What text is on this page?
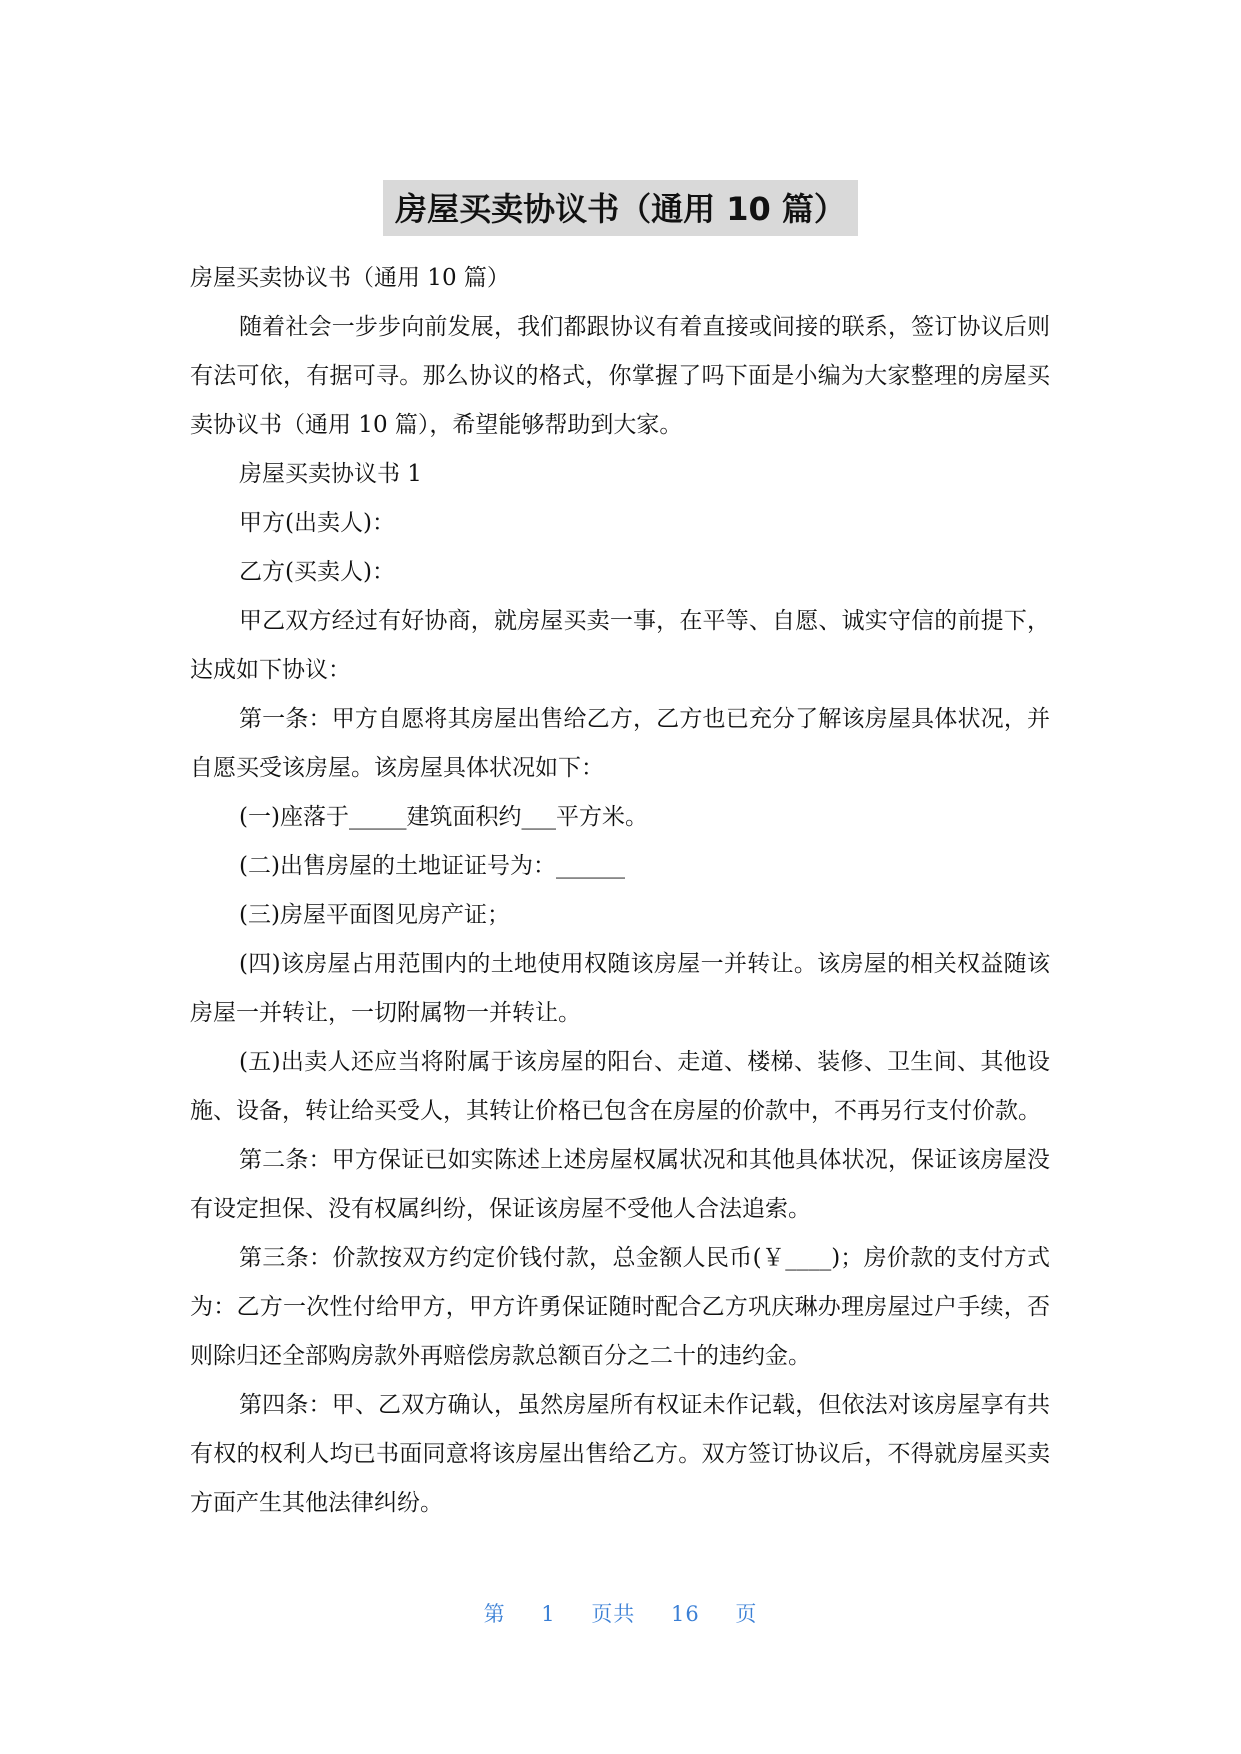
房屋买卖协议书（通用 10 篇）

房屋买卖协议书（通用 10 篇）

随着社会一步步向前发展，我们都跟协议有着直接或间接的联系，签订协议后则有法可依，有据可寻。那么协议的格式，你掌握了吗下面是小编为大家整理的房屋买卖协议书（通用 10 篇），希望能够帮助到大家。

房屋买卖协议书 1

甲方(出卖人)：

乙方(买卖人)：

甲乙双方经过有好协商，就房屋买卖一事，在平等、自愿、诚实守信的前提下，达成如下协议：

第一条：甲方自愿将其房屋出售给乙方，乙方也已充分了解该房屋具体状况，并自愿买受该房屋。该房屋具体状况如下：

(一)座落于_____建筑面积约___平方米。

(二)出售房屋的土地证证号为：______

(三)房屋平面图见房产证；

(四)该房屋占用范围内的土地使用权随该房屋一并转让。该房屋的相关权益随该房屋一并转让，一切附属物一并转让。

(五)出卖人还应当将附属于该房屋的阳台、走道、楼梯、装修、卫生间、其他设施、设备，转让给买受人，其转让价格已包含在房屋的价款中，不再另行支付价款。

第二条：甲方保证已如实陈述上述房屋权属状况和其他具体状况，保证该房屋没有设定担保、没有权属纠纷，保证该房屋不受他人合法追索。

第三条：价款按双方约定价钱付款，总金额人民币(￥____)；房价款的支付方式为：乙方一次性付给甲方，甲方许勇保证随时配合乙方巩庆琳办理房屋过户手续，否则除归还全部购房款外再赔偿房款总额百分之二十的违约金。

第四条：甲、乙双方确认，虽然房屋所有权证未作记载，但依法对该房屋享有共有权的权利人均已书面同意将该房屋出售给乙方。双方签订协议后，不得就房屋买卖方面产生其他法律纠纷。

第 1 页共 16 页
